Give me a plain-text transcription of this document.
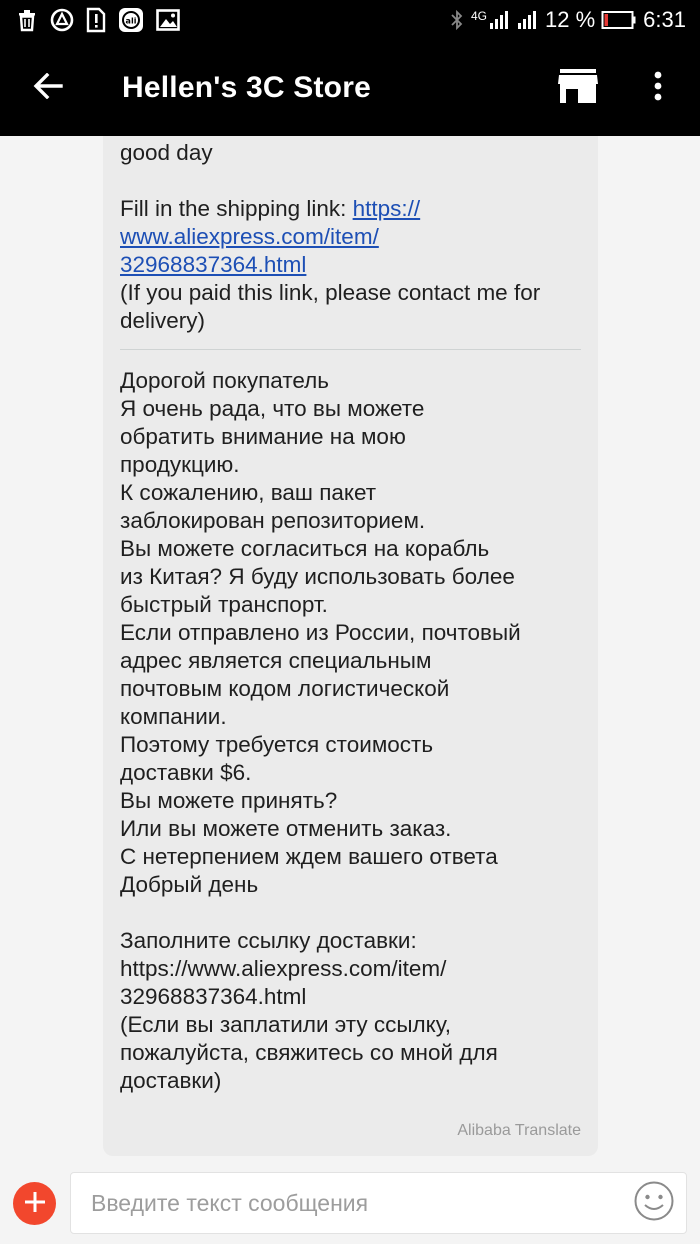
ali	4G	12 % 6:31
Hellen's 3C Store
good day

Fill in the shipping link: https://
www.aliexpress.com/item/
32968837364.html
(If you paid this link, please contact me for
delivery)
Дорогой покупатель
Я очень рада, что вы можете
обратить внимание на мою
продукцию.
К сожалению, ваш пакет
заблокирован репозиторием.
Вы можете согласиться на корабль
из Китая? Я буду использовать более
быстрый транспорт.
Если отправлено из России, почтовый
адрес является специальным
почтовым кодом логистической
компании.
Поэтому требуется стоимость
доставки $6.
Вы можете принять?
Или вы можете отменить заказ.
С нетерпением ждем вашего ответа
Добрый день

Заполните ссылку доставки:
https://www.aliexpress.com/item/
32968837364.html
(Если вы заплатили эту ссылку,
пожалуйста, свяжитесь со мной для
доставки)
Alibaba Translate
Введите текст сообщения
